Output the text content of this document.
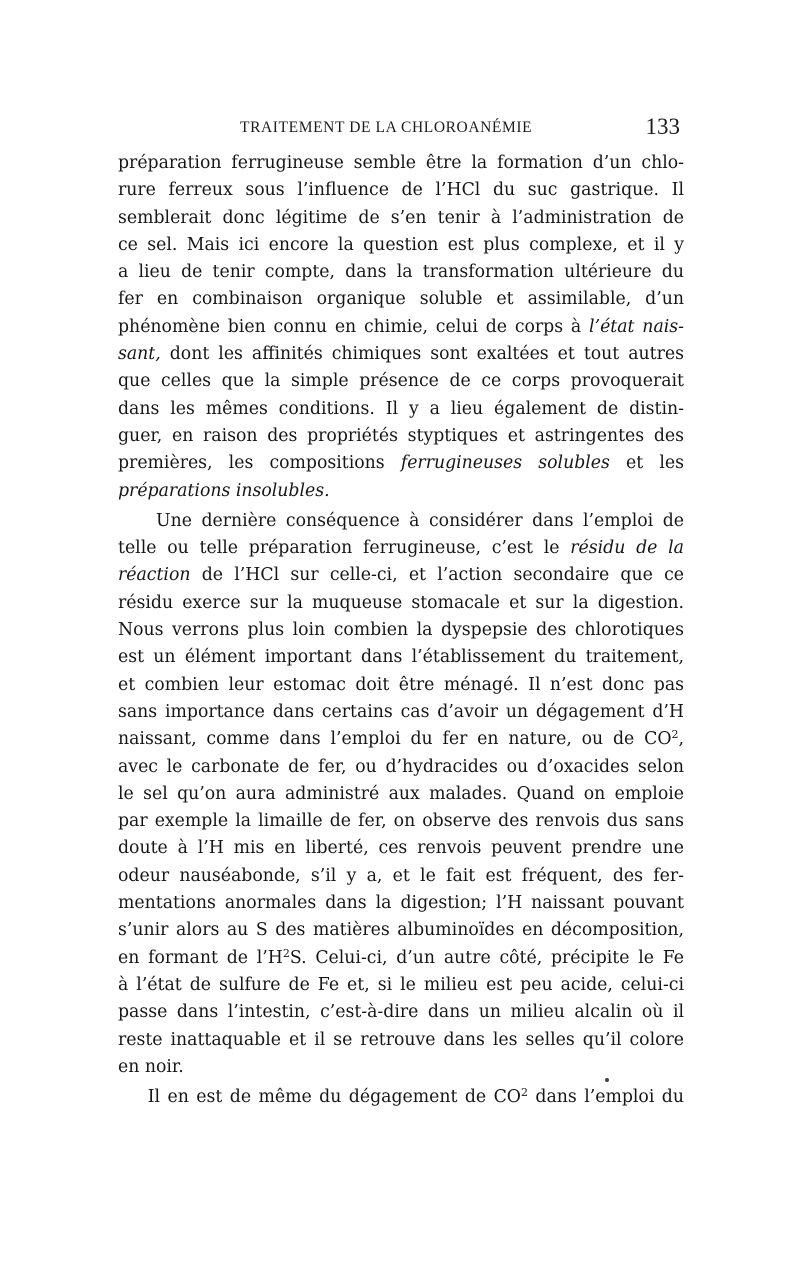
TRAITEMENT DE LA CHLOROANÉMIE	133
préparation ferrugineuse semble être la formation d’un chlo-
rure ferreux sous l’influence de l’HCl du suc gastrique. Il
semblerait donc légitime de s’en tenir à l’administration de
ce sel. Mais ici encore la question est plus complexe, et il y
a lieu de tenir compte, dans la transformation ultérieure du
fer en combinaison organique soluble et assimilable, d’un
phénomène bien connu en chimie, celui de corps à l’état nais-
sant, dont les affinités chimiques sont exaltées et tout autres
que celles que la simple présence de ce corps provoquerait
dans les mêmes conditions. Il y a lieu également de distin-
guer, en raison des propriétés styptiques et astringentes des
premières, les compositions ferrugineuses solubles et les
préparations insolubles.
Une dernière conséquence à considérer dans l’emploi de
telle ou telle préparation ferrugineuse, c’est le résidu de la
réaction de l’HCl sur celle-ci, et l’action secondaire que ce
résidu exerce sur la muqueuse stomacale et sur la digestion.
Nous verrons plus loin combien la dyspepsie des chlorotiques
est un élément important dans l’établissement du traitement,
et combien leur estomac doit être ménagé. Il n’est donc pas
sans importance dans certains cas d’avoir un dégagement d’H
naissant, comme dans l’emploi du fer en nature, ou de $CO^2$,
avec le carbonate de fer, ou d’hydracides ou d’oxacides selon
le sel qu’on aura administré aux malades. Quand on emploie
par exemple la limaille de fer, on observe des renvois dus sans
doute à l’H mis en liberté, ces renvois peuvent prendre une
odeur nauséabonde, s’il y a, et le fait est fréquent, des fer-
mentations anormales dans la digestion; l’H naissant pouvant
s’unir alors au S des matières albuminoïdes en décomposition,
en formant de $l’H^2S$. Celui-ci, d’un autre côté, précipite le Fe
à l’état de sulfure de Fe et, si le milieu est peu acide, celui-ci
passe dans l’intestin, c’est-à-dire dans un milieu alcalin où il
reste inattaquable et il se retrouve dans les selles qu’il colore
en noir.
Il en est de même du dégagement de $CO^2$ dans l’emploi du
